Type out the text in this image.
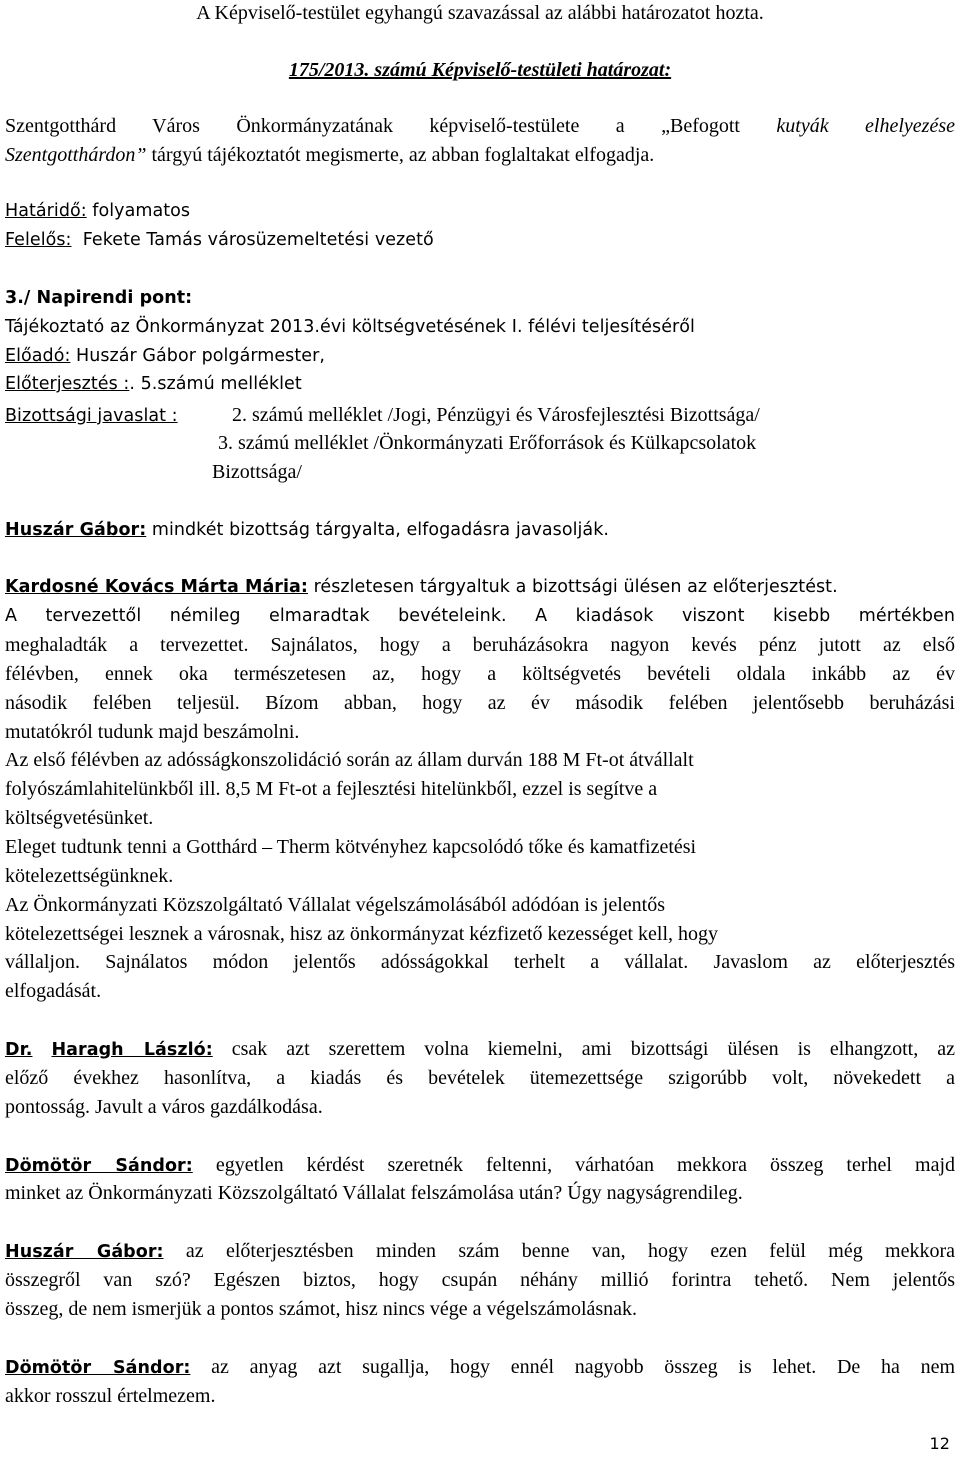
A Képviselő-testület egyhangú szavazással az alábbi határozatot hozta.
175/2013. számú Képviselő-testületi határozat:
Szentgotthárd Város Önkormányzatának képviselő-testülete a „Befogott kutyák elhelyezése
Szentgotthárdon” tárgyú tájékoztatót megismerte, az abban foglaltakat elfogadja.
Határidő: folyamatos
Felelős:  Fekete Tamás városüzemeltetési vezető
3./ Napirendi pont:
Tájékoztató az Önkormányzat 2013.évi költségvetésének I. félévi teljesítéséről
Előadó: Huszár Gábor polgármester,
Előterjesztés :. 5.számú melléklet
Bizottsági javaslat :	2. számú melléklet /Jogi, Pénzügyi és Városfejlesztési Bizottsága/
3. számú melléklet /Önkormányzati Erőforrások és Külkapcsolatok
Bizottsága/
Huszár Gábor: mindkét bizottság tárgyalta, elfogadásra javasolják.
Kardosné Kovács Márta Mária: részletesen tárgyaltuk a bizottsági ülésen az előterjesztést.
A tervezettől némileg elmaradtak bevételeink. A kiadások viszont kisebb mértékben
meghaladták a tervezettet. Sajnálatos, hogy a beruházásokra nagyon kevés pénz jutott az első
félévben, ennek oka természetesen az, hogy a költségvetés bevételi oldala inkább az év
násodik felében teljesül. Bízom abban, hogy az év második felében jelentősebb beruházási
mutatókról tudunk majd beszámolni.
Az első félévben az adósságkonszolidáció során az állam durván 188 M Ft-ot átvállalt
folyószámlahitelünkből ill. 8,5 M Ft-ot a fejlesztési hitelünkből, ezzel is segítve a
költségvetésünket.
Eleget tudtunk tenni a Gotthárd – Therm kötvényhez kapcsolódó tőke és kamatfizetési
kötelezettségünknek.
Az Önkormányzati Közszolgáltató Vállalat végelszámolásából adódóan is jelentős
kötelezettségei lesznek a városnak, hisz az önkormányzat kézfizető kezességet kell, hogy
vállaljon. Sajnálatos módon jelentős adósságokkal terhelt a vállalat. Javaslom az előterjesztés
elfogadását.
Dr. Haragh László: csak azt szerettem volna kiemelni, ami bizottsági ülésen is elhangzott, az
előző évekhez hasonlítva, a kiadás és bevételek ütemezettsége szigorúbb volt, növekedett a
pontosság. Javult a város gazdálkodása.
Dömötör Sándor: egyetlen kérdést szeretnék feltenni, várhatóan mekkora összeg terhel majd
minket az Önkormányzati Közszolgáltató Vállalat felszámolása után? Úgy nagyságrendileg.
Huszár Gábor: az előterjesztésben minden szám benne van, hogy ezen felül még mekkora
összegről van szó? Egészen biztos, hogy csupán néhány millió forintra tehető. Nem jelentős
összeg, de nem ismerjük a pontos számot, hisz nincs vége a végelszámolásnak.
Dömötör Sándor: az anyag azt sugallja, hogy ennél nagyobb összeg is lehet. De ha nem
akkor rosszul értelmezem.
12
